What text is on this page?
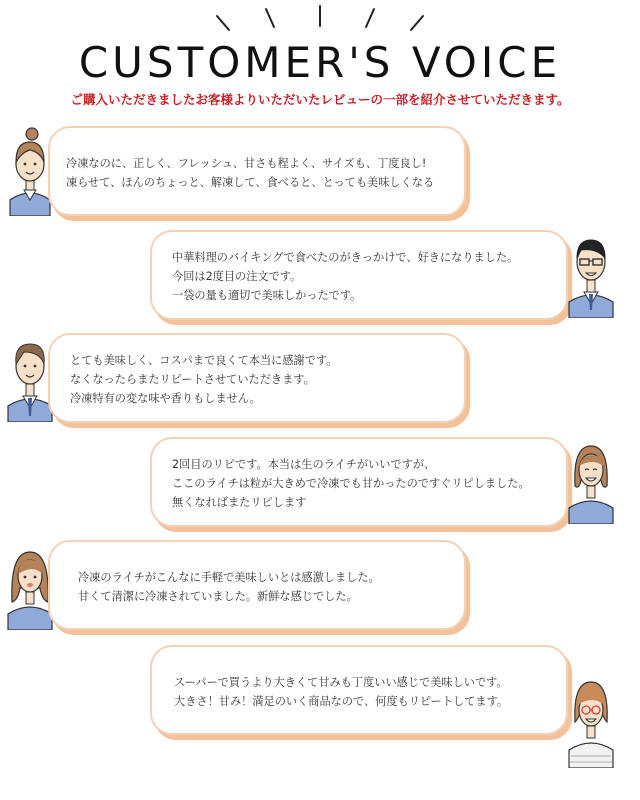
CUSTOMER'S VOICE
ご購入いただきましたお客様よりいただいたレビューの一部を紹介させていただきます。
冷凍なのに、正しく、フレッシュ、甘さも程よく、サイズも、丁度良し!
凍らせて、ほんのちょっと、解凍して、食べると、とっても美味しくなる
中華料理のバイキングで食べたのがきっかけで、好きになりました。
今回は2度目の注文です。
一袋の量も適切で美味しかったです。
とても美味しく、コスパまで良くて本当に感謝です。
なくなったらまたリピートさせていただきます。
冷凍特有の変な味や香りもしません。
2回目のリピです。本当は生のライチがいいですが、
ここのライチは粒が大きめで冷凍でも甘かったのですぐリピしました。
無くなればまたリピします
冷凍のライチがこんなに手軽で美味しいとは感激しました。
甘くて清潔に冷凍されていました。新鮮な感じでした。
スーパーで買うより大きくて甘みも丁度いい感じで美味しいです。
大きさ！甘み！満足のいく商品なので、何度もリピートしてます。
